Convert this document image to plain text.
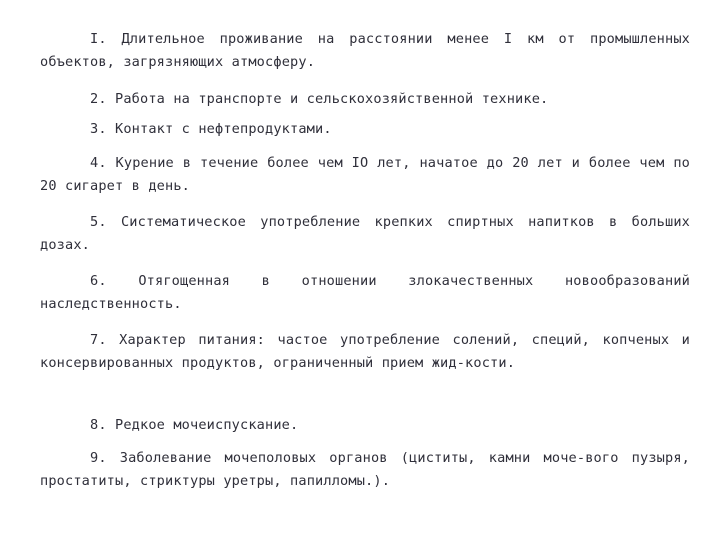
I. Длительное проживание на расстоянии менее I км от промышленных объектов, загрязняющих атмосферу.

2. Работа на транспорте и сельскохозяйственной технике.

3. Контакт с нефтепродуктами.

4. Курение в течение более чем IO лет, начатое до 20 лет и более чем по 20 сигарет в день.

5. Систематическое употребление крепких спиртных напитков в больших дозах.

6. Отягощенная в отношении злокачественных новообразований наследственность.

7. Характер питания: частое употребление солений, специй, копченых и консервированных продуктов, ограниченный прием жид-кости.

8. Редкое мочеиспускание.

9. Заболевание мочеполовых органов (циститы, камни моче-вого пузыря, простатиты, стриктуры уретры, папилломы.).
